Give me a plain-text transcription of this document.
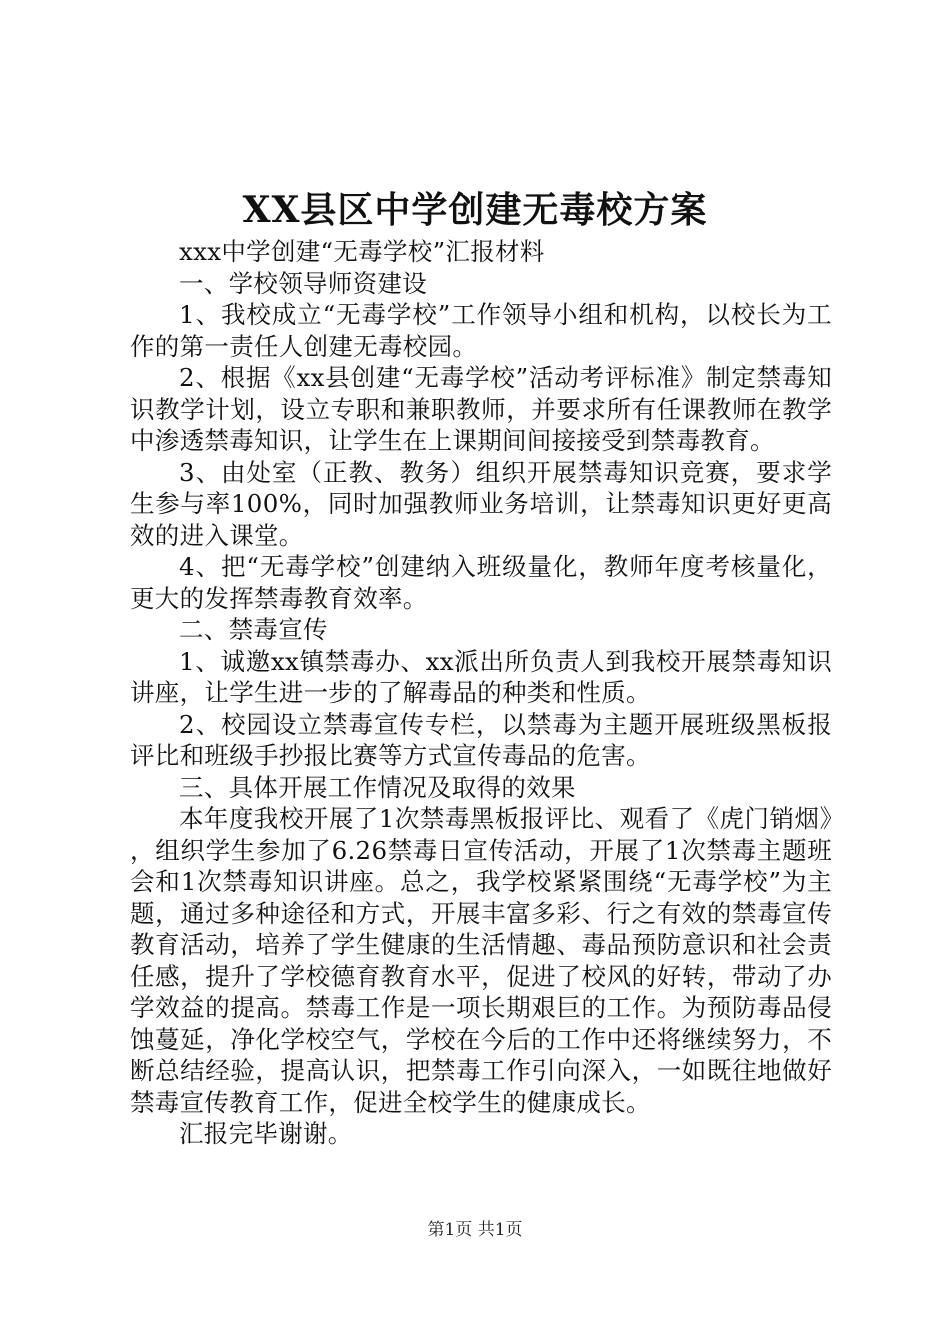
XX县区中学创建无毒校方案

xxx中学创建“无毒学校”汇报材料

一、学校领导师资建设

1、我校成立“无毒学校”工作领导小组和机构，以校长为工作的第一责任人创建无毒校园。

2、根据《xx县创建“无毒学校”活动考评标准》制定禁毒知识教学计划，设立专职和兼职教师，并要求所有任课教师在教学中渗透禁毒知识，让学生在上课期间间接接受到禁毒教育。

3、由处室（正教、教务）组织开展禁毒知识竞赛，要求学生参与率100%，同时加强教师业务培训，让禁毒知识更好更高效的进入课堂。

4、把“无毒学校”创建纳入班级量化，教师年度考核量化，更大的发挥禁毒教育效率。

二、禁毒宣传

1、诚邀xx镇禁毒办、xx派出所负责人到我校开展禁毒知识讲座，让学生进一步的了解毒品的种类和性质。

2、校园设立禁毒宣传专栏，以禁毒为主题开展班级黑板报评比和班级手抄报比赛等方式宣传毒品的危害。

三、具体开展工作情况及取得的效果

本年度我校开展了1次禁毒黑板报评比、观看了《虎门销烟》，组织学生参加了6.26禁毒日宣传活动，开展了1次禁毒主题班会和1次禁毒知识讲座。总之，我学校紧紧围绕“无毒学校”为主题，通过多种途径和方式，开展丰富多彩、行之有效的禁毒宣传教育活动，培养了学生健康的生活情趣、毒品预防意识和社会责任感，提升了学校德育教育水平，促进了校风的好转，带动了办学效益的提高。禁毒工作是一项长期艰巨的工作。为预防毒品侵蚀蔓延，净化学校空气，学校在今后的工作中还将继续努力，不断总结经验，提高认识，把禁毒工作引向深入，一如既往地做好禁毒宣传教育工作，促进全校学生的健康成长。

汇报完毕谢谢。

第1页 共1页
